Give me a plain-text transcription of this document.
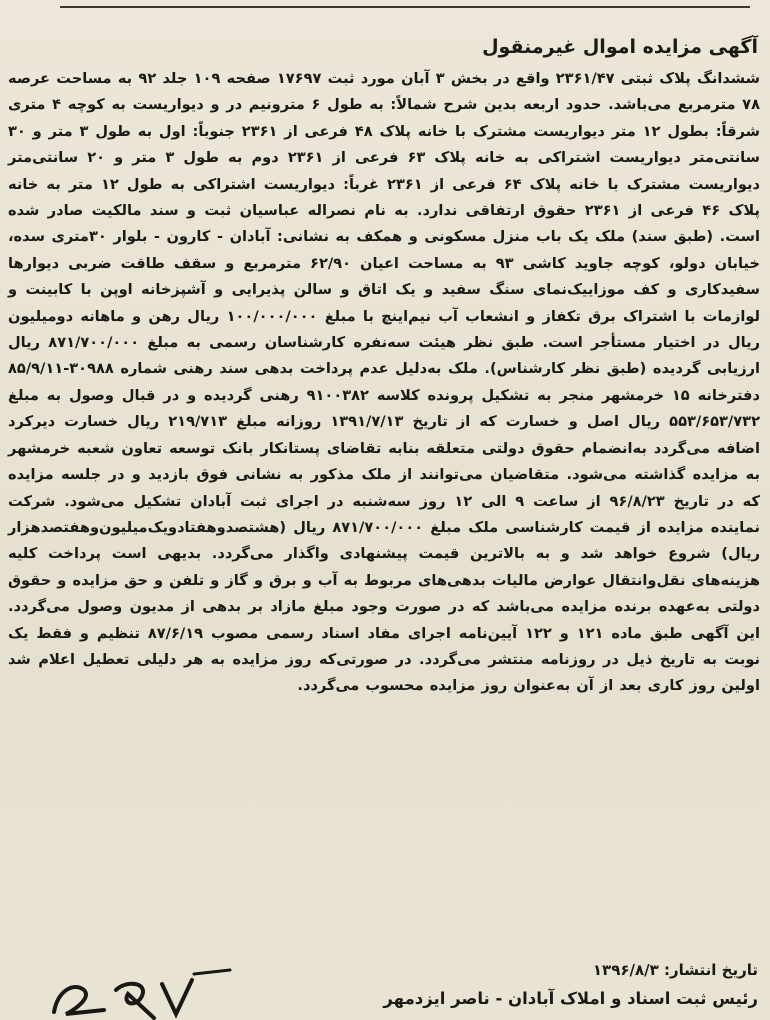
آگهی مزایده اموال غیرمنقول

ششدانگ پلاک ثبتی ۲۳۶۱/۴۷ واقع در بخش ۳ آبان مورد ثبت ۱۷۶۹۷ صفحه ۱۰۹ جلد ۹۲ به مساحت عرصه ۷۸ مترمربع می‌باشد. حدود اربعه بدین شرح شمالاً: به طول ۶ مترونیم در و دیواریست به کوچه ۴ متری شرقاً: بطول ۱۲ متر دیواریست مشترک با خانه پلاک ۴۸ فرعی از ۲۳۶۱ جنوباً: اول به طول ۳ متر و ۳۰ سانتی‌متر دیواریست اشتراکی به خانه پلاک ۶۳ فرعی از ۲۳۶۱ دوم به طول ۳ متر و ۲۰ سانتی‌متر دیواریست مشترک با خانه پلاک ۶۴ فرعی از ۲۳۶۱ غرباً: دیواریست اشتراکی به طول ۱۲ متر به خانه پلاک ۴۶ فرعی از ۲۳۶۱ حقوق ارتفاقی ندارد. به نام نصراله عباسیان ثبت و سند مالکیت صادر شده است. (طبق سند) ملک یک باب منزل مسکونی و همکف به نشانی: آبادان - کارون - بلوار ۳۰متری سده، خیابان دولو، کوچه جاوید کاشی ۹۳ به مساحت اعیان ۶۲/۹۰ مترمربع و سقف طاقت ضربی دیوارها سفیدکاری و کف موزاییک‌نمای سنگ سفید و یک اتاق و سالن پذیرایی و آشپزخانه اوپن با کابینت و لوازمات با اشتراک برق تکفاز و انشعاب آب نیم‌اینچ با مبلغ ۱۰۰/۰۰۰/۰۰۰ ریال رهن و ماهانه دومیلیون ریال در اختیار مستأجر است. طبق نظر هیئت سه‌نفره کارشناسان رسمی به مبلغ ۸۷۱/۷۰۰/۰۰۰ ریال ارزیابی گردیده (طبق نظر کارشناس). ملک به‌دلیل عدم پرداخت بدهی سند رهنی شماره ۳۰۹۸۸-۸۵/۹/۱۱ دفترخانه ۱۵ خرمشهر منجر به تشکیل پرونده کلاسه ۹۱۰۰۳۸۲ رهنی گردیده و در قبال وصول به مبلغ ۵۵۳/۶۵۳/۷۳۲ ریال اصل و خسارت که از تاریخ ۱۳۹۱/۷/۱۳ روزانه مبلغ ۲۱۹/۷۱۳ ریال خسارت دیرکرد اضافه می‌گردد به‌انضمام حقوق دولتی متعلقه بنابه تقاضای پستانکار بانک توسعه تعاون شعبه خرمشهر به مزایده گذاشته می‌شود. متقاضیان می‌توانند از ملک مذکور به نشانی فوق بازدید و در جلسه مزایده که در تاریخ ۹۶/۸/۲۳ از ساعت ۹ الی ۱۲ روز سه‌شنبه در اجرای ثبت آبادان تشکیل می‌شود. شرکت نماینده مزایده از قیمت کارشناسی ملک مبلغ ۸۷۱/۷۰۰/۰۰۰ ریال (هشتصدوهفتادویک‌میلیون‌وهفتصدهزار ریال) شروع خواهد شد و به بالاترین قیمت پیشنهادی واگذار می‌گردد. بدیهی است پرداخت کلیه هزینه‌های نقل‌وانتقال عوارض مالیات بدهی‌های مربوط به آب و برق و گاز و تلفن و حق مزایده و حقوق دولتی به‌عهده برنده مزایده می‌باشد که در صورت وجود مبلغ مازاد بر بدهی از مدیون وصول می‌گردد. این آگهی طبق ماده ۱۲۱ و ۱۲۲ آیین‌نامه اجرای مفاد اسناد رسمی مصوب ۸۷/۶/۱۹ تنظیم و فقط یک نوبت به تاریخ ذیل در روزنامه منتشر می‌گردد. در صورتی‌که روز مزایده به هر دلیلی تعطیل اعلام شد اولین روز کاری بعد از آن به‌عنوان روز مزایده محسوب می‌گردد.

تاریخ انتشار: ۱۳۹۶/۸/۳
رئیس ثبت اسناد و املاک آبادان - ناصر ایزدمهر
